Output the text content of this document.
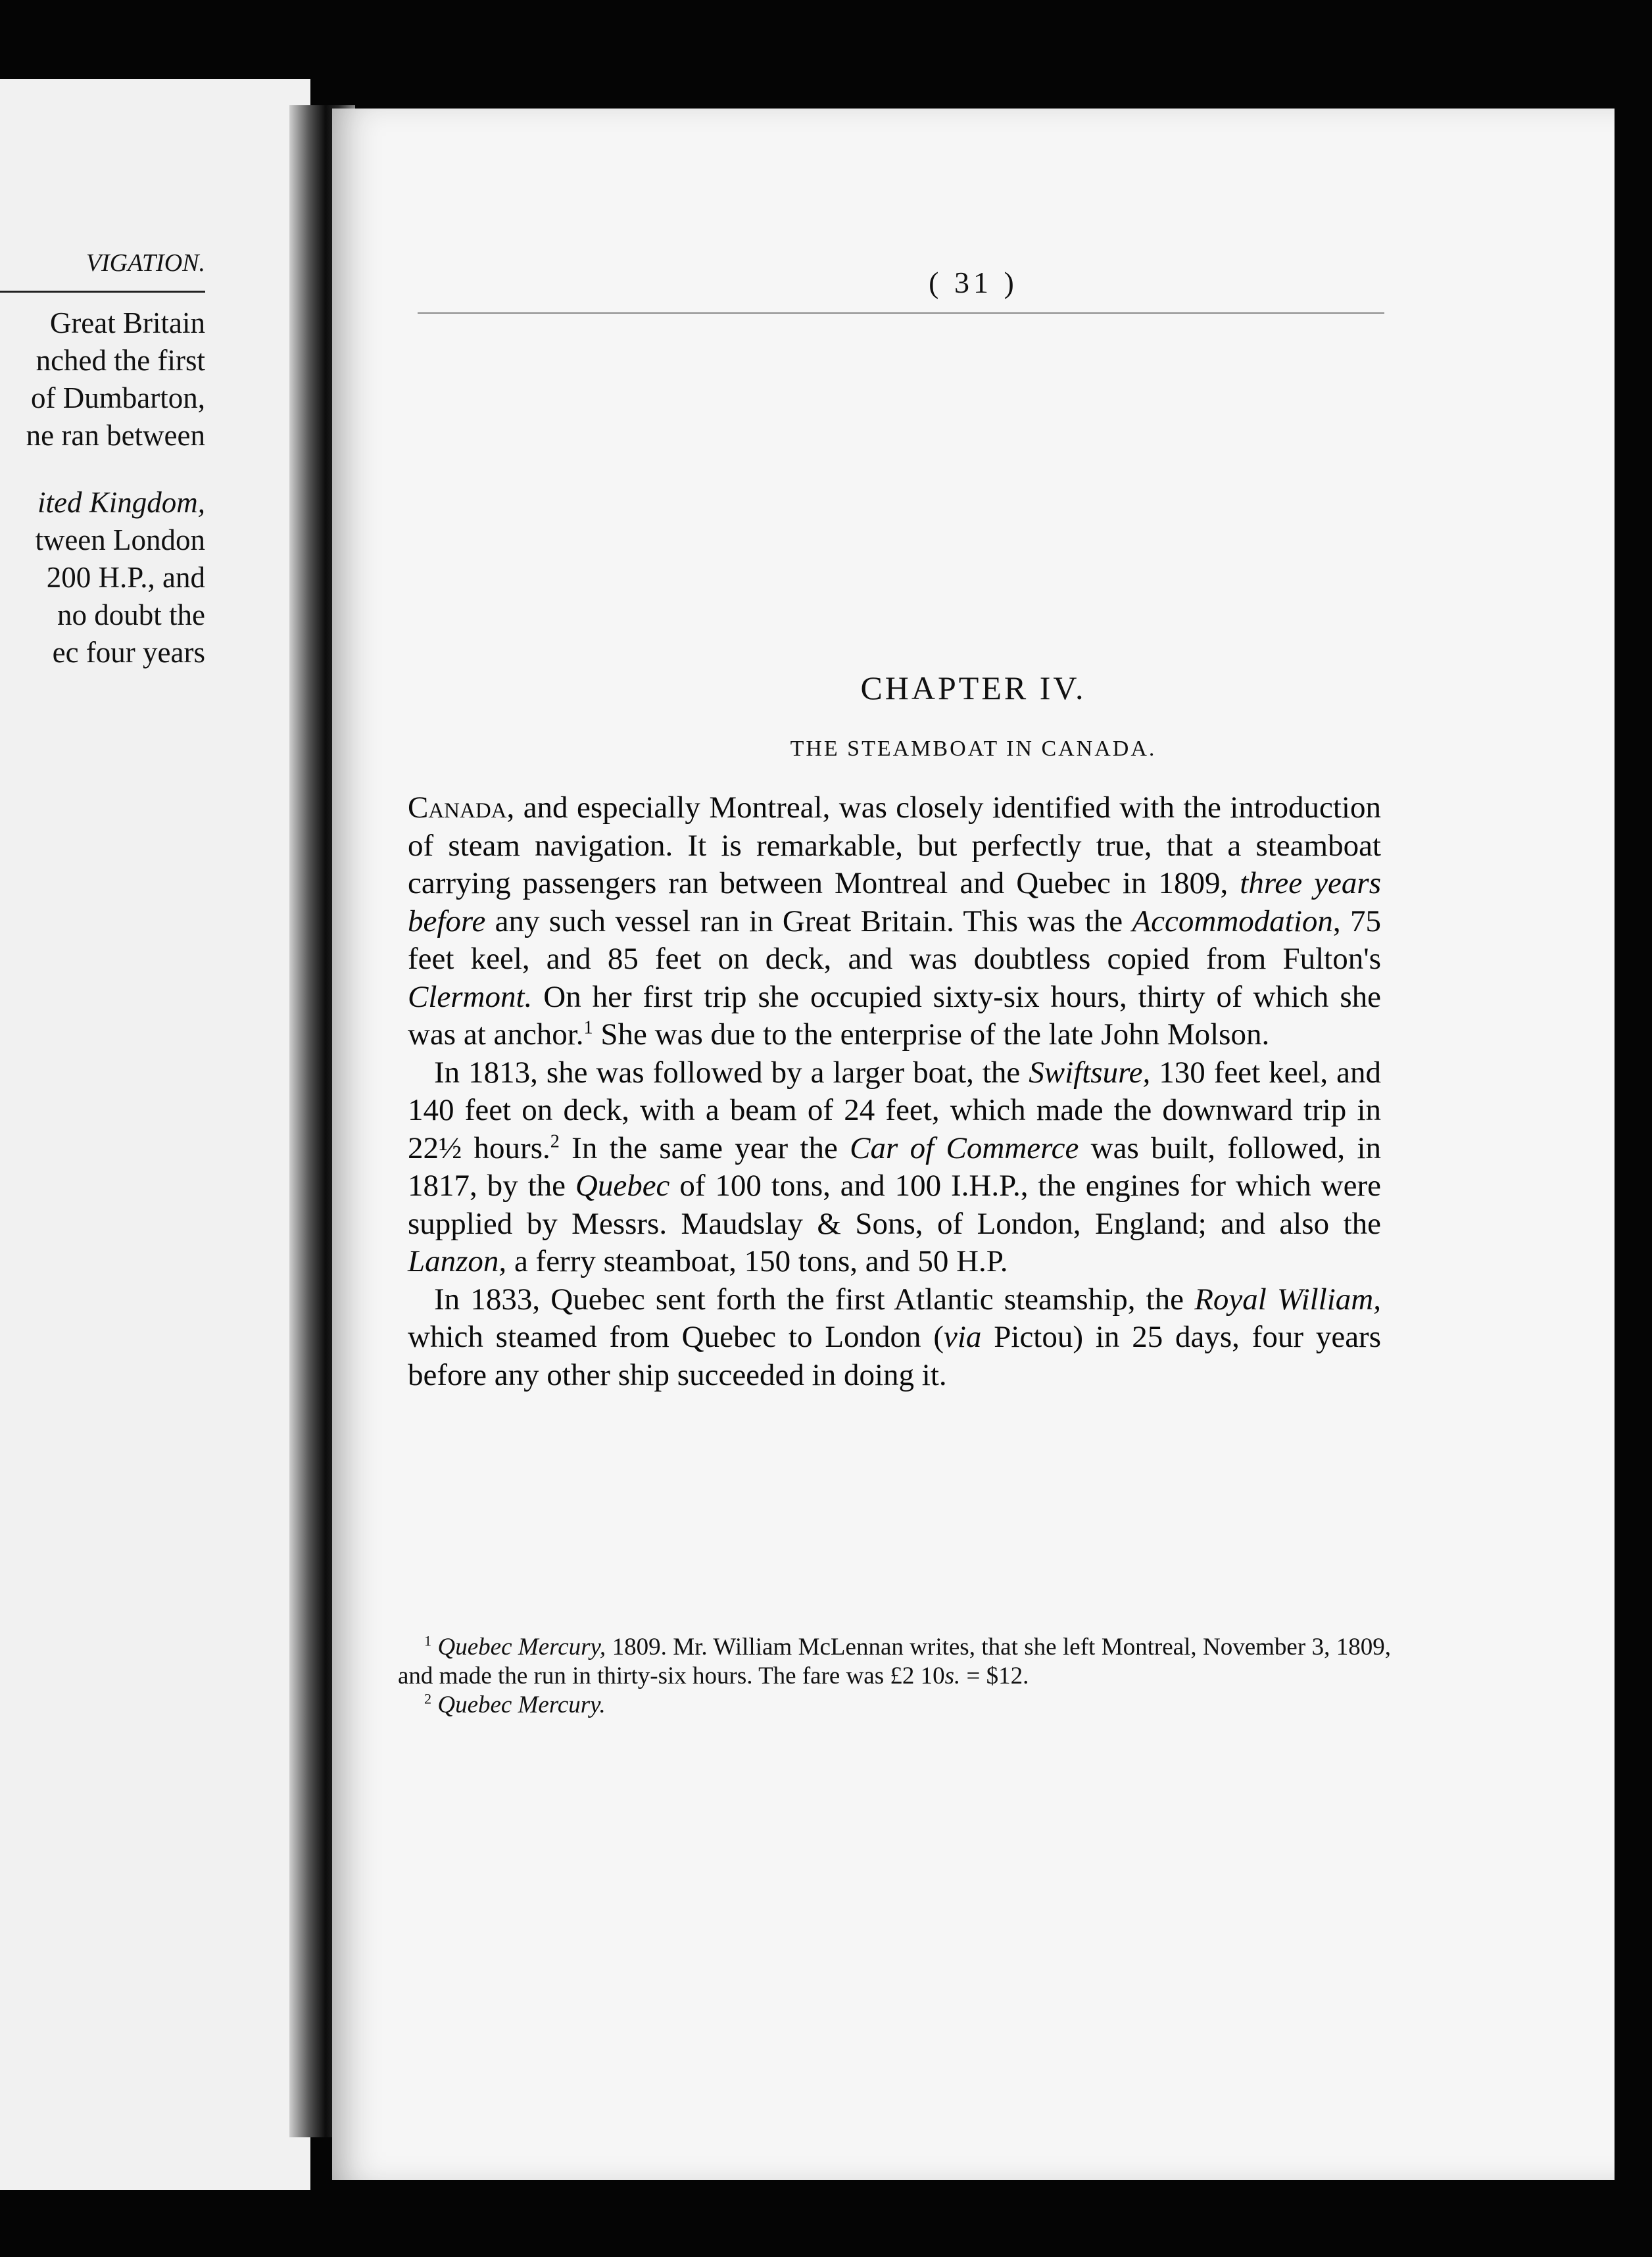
VIGATION.
Great Britain
nched the first
of Dumbarton,
ne ran between
ited Kingdom,
tween London
200 H.P., and
no doubt the
ec four years
( 31 )
CHAPTER IV.
THE STEAMBOAT IN CANADA.

Canada, and especially Montreal, was closely identified with the introduction of steam navigation. It is remarkable, but perfectly true, that a steamboat carrying passengers ran between Montreal and Quebec in 1809, three years before any such vessel ran in Great Britain. This was the Accommodation, 75 feet keel, and 85 feet on deck, and was doubtless copied from Fulton's Clermont. On her first trip she occupied sixty-six hours, thirty of which she was at anchor.$^1$ She was due to the enterprise of the late John Molson.

In 1813, she was followed by a larger boat, the Swiftsure, 130 feet keel, and 140 feet on deck, with a beam of 24 feet, which made the downward trip in 22½ hours.$^2$ In the same year the Car of Commerce was built, followed, in 1817, by the Quebec of 100 tons, and 100 I.H.P., the engines for which were supplied by Messrs. Maudslay & Sons, of London, England; and also the Lanzon, a ferry steamboat, 150 tons, and 50 H.P.

In 1833, Quebec sent forth the first Atlantic steamship, the Royal William, which steamed from Quebec to London (via Pictou) in 25 days, four years before any other ship succeeded in doing it.

$^1$ Quebec Mercury, 1809. Mr. William McLennan writes, that she left Montreal, November 3, 1809, and made the run in thirty-six hours. The fare was £2 10s. = $12.

$^2$ Quebec Mercury.
